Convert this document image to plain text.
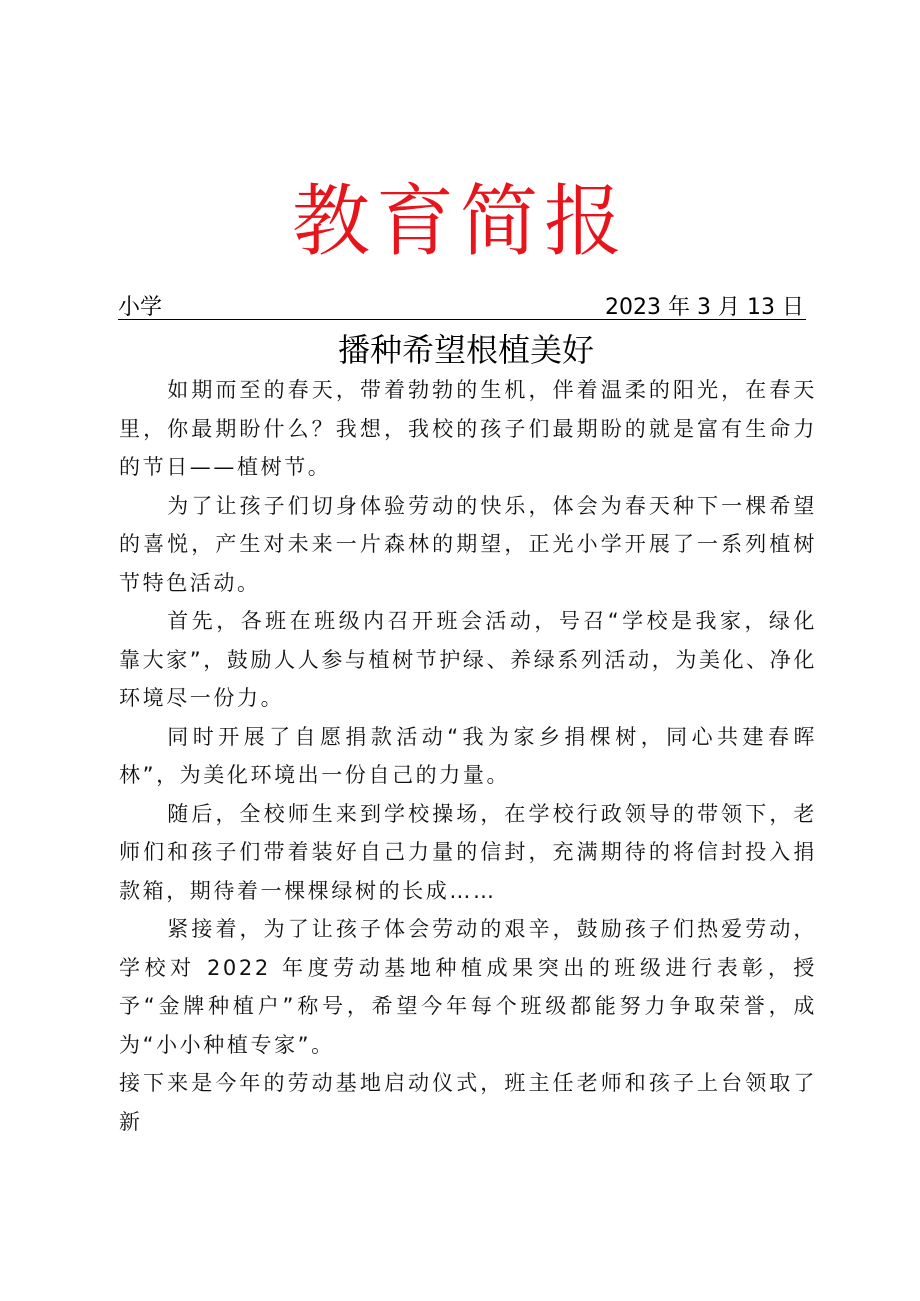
教育简报
小学	2023 年 3 月 13 日
播种希望根植美好

如期而至的春天，带着勃勃的生机，伴着温柔的阳光，在春天里，你最期盼什么？我想，我校的孩子们最期盼的就是富有生命力的节日——植树节。

为了让孩子们切身体验劳动的快乐，体会为春天种下一棵希望的喜悦，产生对未来一片森林的期望，正光小学开展了一系列植树节特色活动。

首先，各班在班级内召开班会活动，号召“学校是我家，绿化靠大家”，鼓励人人参与植树节护绿、养绿系列活动，为美化、净化环境尽一份力。

同时开展了自愿捐款活动“我为家乡捐棵树，同心共建春晖林”，为美化环境出一份自己的力量。

随后，全校师生来到学校操场，在学校行政领导的带领下，老师们和孩子们带着装好自己力量的信封，充满期待的将信封投入捐款箱，期待着一棵棵绿树的长成……

紧接着，为了让孩子体会劳动的艰辛，鼓励孩子们热爱劳动，学校对 2022 年度劳动基地种植成果突出的班级进行表彰，授予“金牌种植户”称号，希望今年每个班级都能努力争取荣誉，成为“小小种植专家”。

接下来是今年的劳动基地启动仪式，班主任老师和孩子上台领取了新
